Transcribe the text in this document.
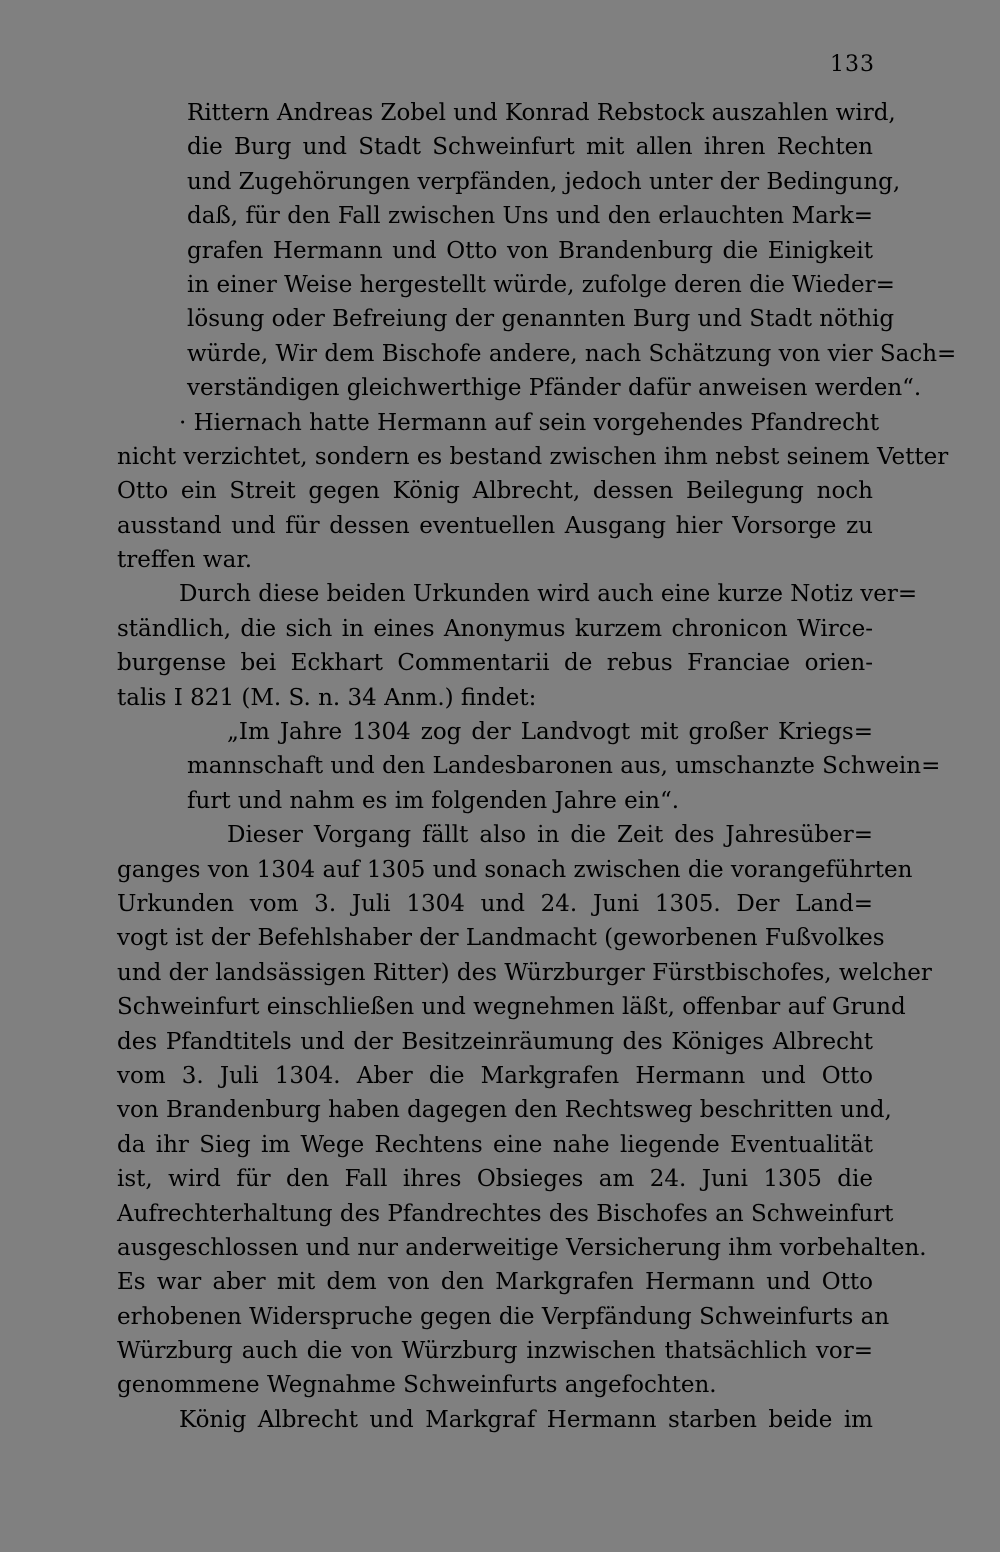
133
Rittern Andreas Zobel und Konrad Rebstock auszahlen wird,
die Burg und Stadt Schweinfurt mit allen ihren Rechten
und Zugehörungen verpfänden, jedoch unter der Bedingung,
daß, für den Fall zwischen Uns und den erlauchten Mark=
grafen Hermann und Otto von Brandenburg die Einigkeit
in einer Weise hergestellt würde, zufolge deren die Wieder=
lösung oder Befreiung der genannten Burg und Stadt nöthig
würde, Wir dem Bischofe andere, nach Schätzung von vier Sach=
verständigen gleichwerthige Pfänder dafür anweisen werden“.
· Hiernach hatte Hermann auf sein vorgehendes Pfandrecht
nicht verzichtet, sondern es bestand zwischen ihm nebst seinem Vetter
Otto ein Streit gegen König Albrecht, dessen Beilegung noch
ausstand und für dessen eventuellen Ausgang hier Vorsorge zu
treffen war.
Durch diese beiden Urkunden wird auch eine kurze Notiz ver=
ständlich, die sich in eines Anonymus kurzem chronicon Wirce-
burgense bei Eckhart Commentarii de rebus Franciae orien-
talis I 821 (M. S. n. 34 Anm.) findet:
„Im Jahre 1304 zog der Landvogt mit großer Kriegs=
mannschaft und den Landesbaronen aus, umschanzte Schwein=
furt und nahm es im folgenden Jahre ein“.
Dieser Vorgang fällt also in die Zeit des Jahresüber=
ganges von 1304 auf 1305 und sonach zwischen die vorangeführten
Urkunden vom 3. Juli 1304 und 24. Juni 1305. Der Land=
vogt ist der Befehlshaber der Landmacht (geworbenen Fußvolkes
und der landsässigen Ritter) des Würzburger Fürstbischofes, welcher
Schweinfurt einschließen und wegnehmen läßt, offenbar auf Grund
des Pfandtitels und der Besitzeinräumung des Königes Albrecht
vom 3. Juli 1304. Aber die Markgrafen Hermann und Otto
von Brandenburg haben dagegen den Rechtsweg beschritten und,
da ihr Sieg im Wege Rechtens eine nahe liegende Eventualität
ist, wird für den Fall ihres Obsieges am 24. Juni 1305 die
Aufrechterhaltung des Pfandrechtes des Bischofes an Schweinfurt
ausgeschlossen und nur anderweitige Versicherung ihm vorbehalten.
Es war aber mit dem von den Markgrafen Hermann und Otto
erhobenen Widerspruche gegen die Verpfändung Schweinfurts an
Würzburg auch die von Würzburg inzwischen thatsächlich vor=
genommene Wegnahme Schweinfurts angefochten.
König Albrecht und Markgraf Hermann starben beide im
